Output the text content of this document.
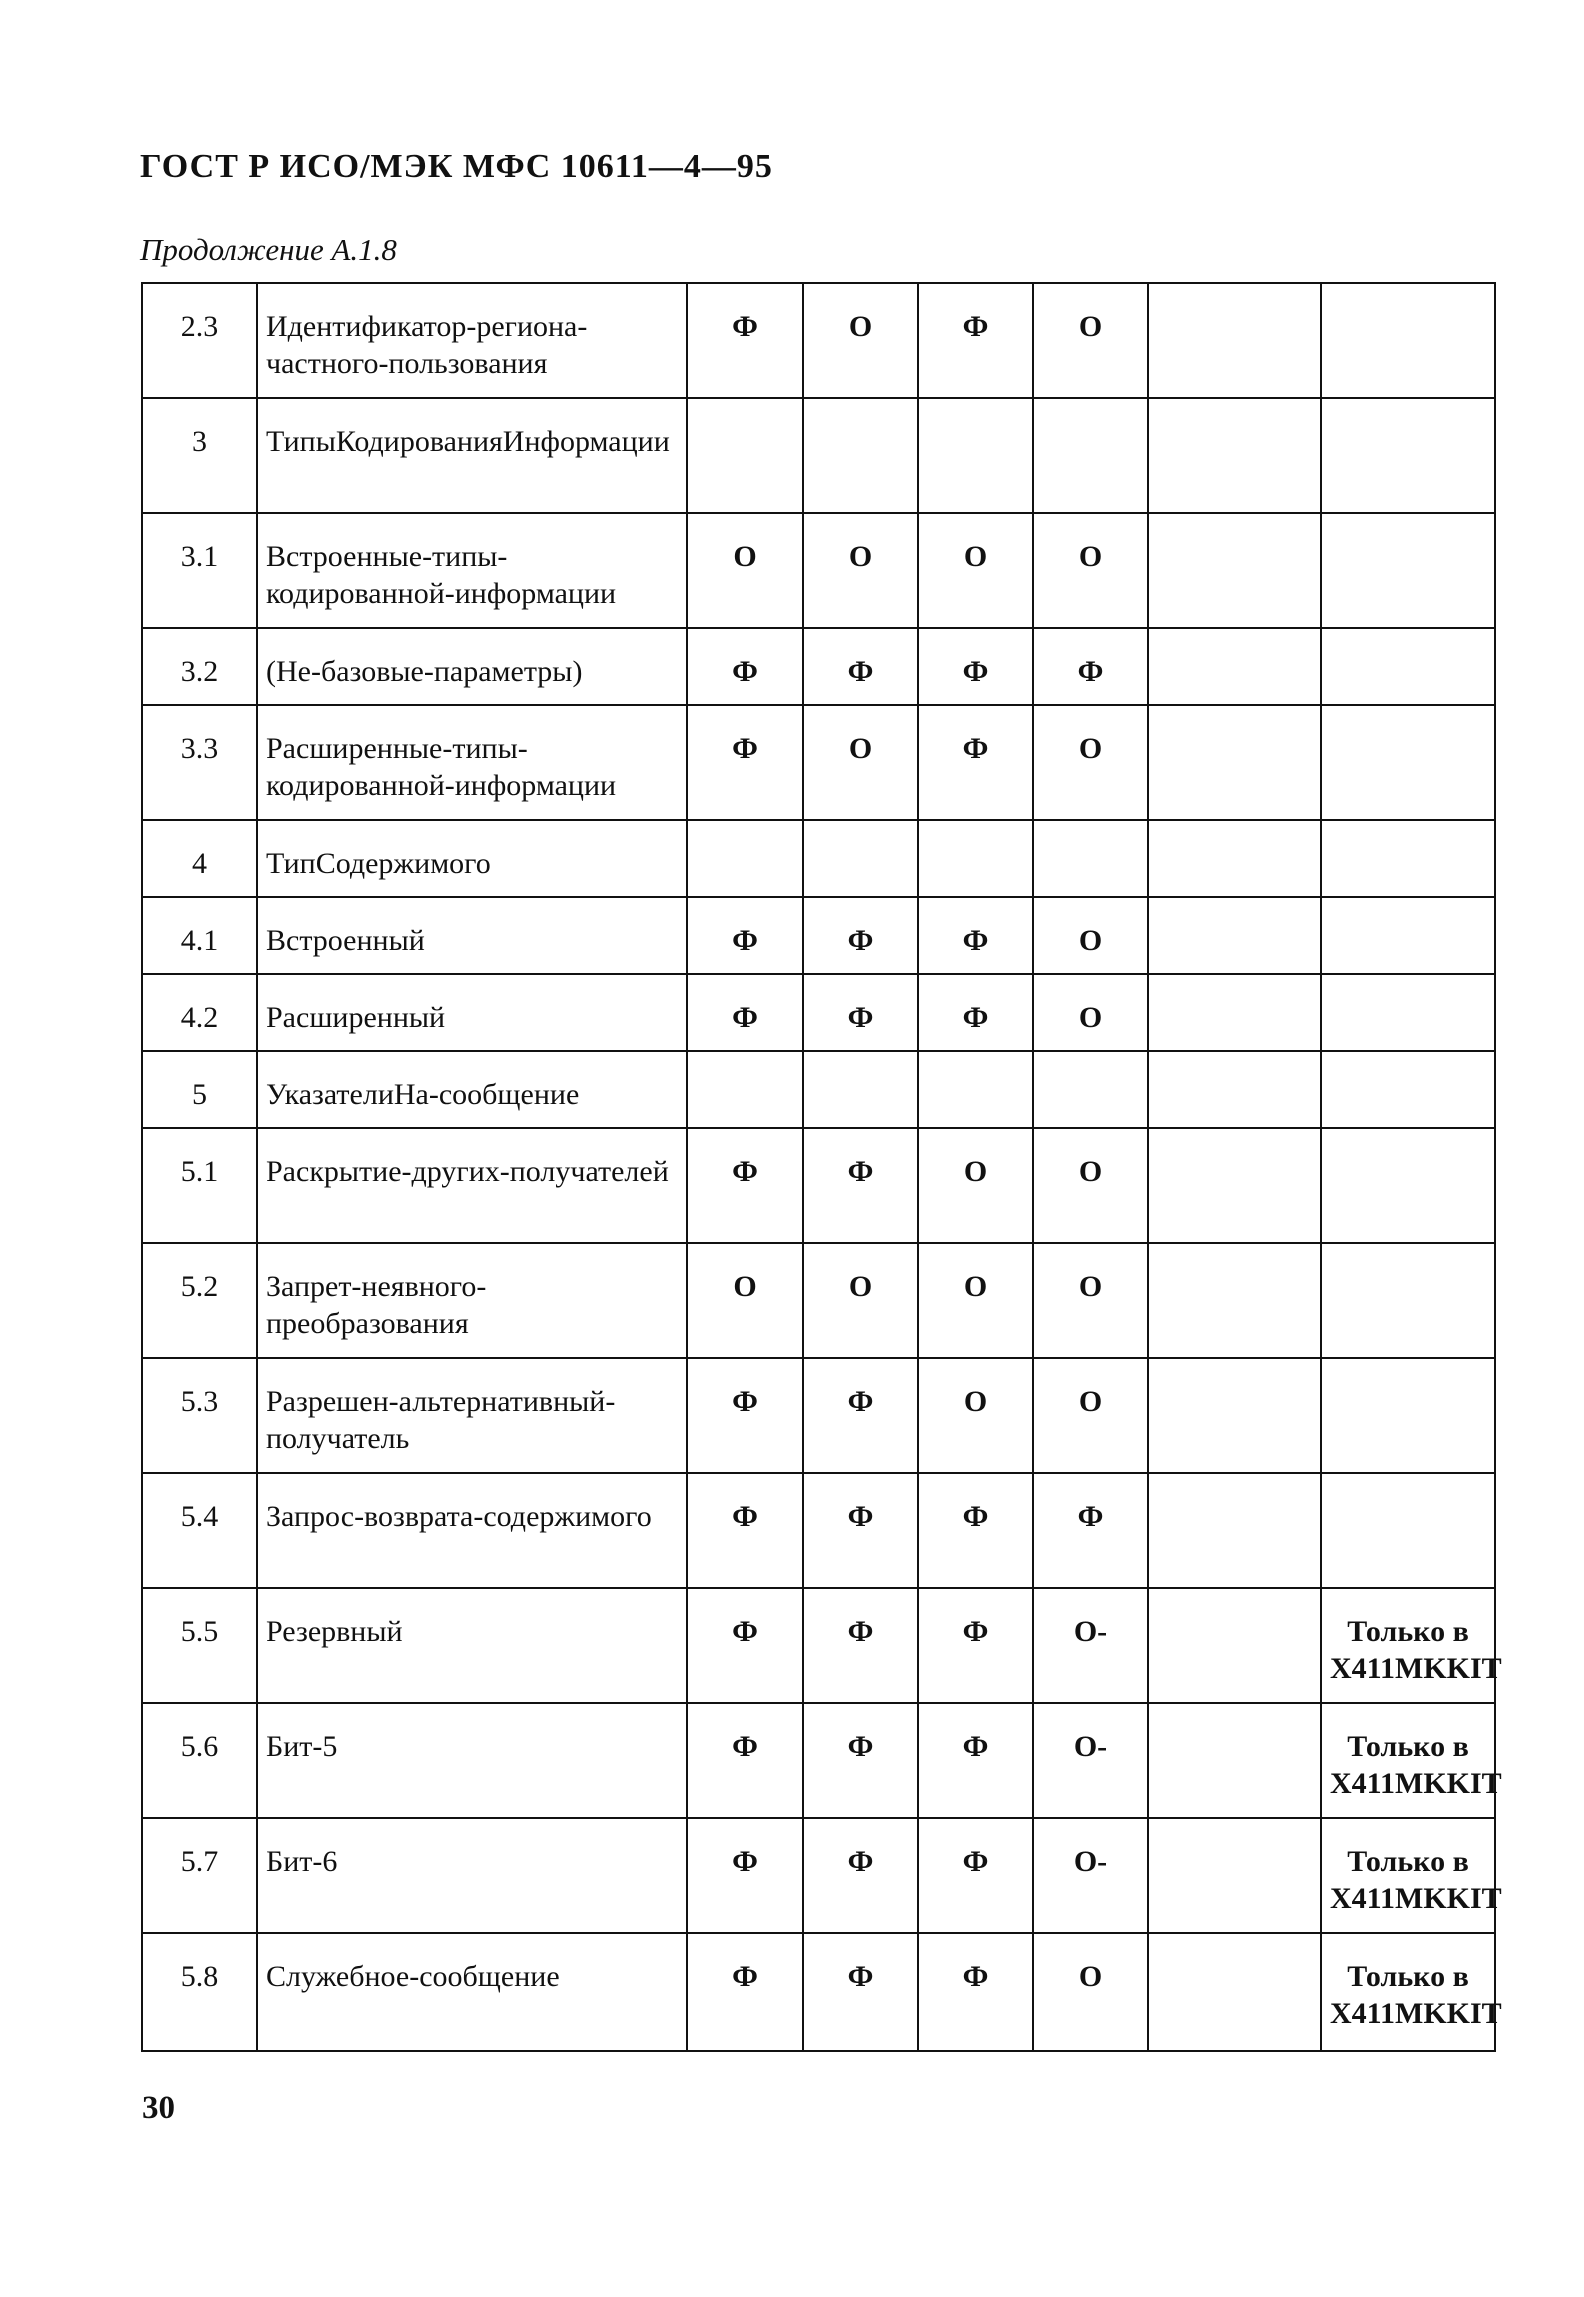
ГОСТ Р ИСО/МЭК МФС 10611—4—95
Продолжение А.1.8
2.3	Идентификатор-региона-частного-пользования	Ф	О	Ф	О		
3	ТипыКодированияИнформации						
3.1	Встроенные-типы-кодированной-информации	О	О	О	О		
3.2	(Не-базовые-параметры)	Ф	Ф	Ф	Ф		
3.3	Расширенные-типы-кодированной-информации	Ф	О	Ф	О		
4	ТипСодержимого						
4.1	Встроенный	Ф	Ф	Ф	О		
4.2	Расширенный	Ф	Ф	Ф	О		
5	УказателиНа-сообщение						
5.1	Раскрытие-других-получателей	Ф	Ф	О	О		
5.2	Запрет-неявного-преобразования	О	О	О	О		
5.3	Разрешен-альтернативный-получатель	Ф	Ф	О	О		
5.4	Запрос-возврата-содержимого	Ф	Ф	Ф	Ф		
5.5	Резервный	Ф	Ф	Ф	О-		Только в X411MKKIT
5.6	Бит-5	Ф	Ф	Ф	О-		Только в X411MKKIT
5.7	Бит-6	Ф	Ф	Ф	О-		Только в X411MKKIT
5.8	Служебное-сообщение	Ф	Ф	Ф	О		Только в X411MKKIT
30
